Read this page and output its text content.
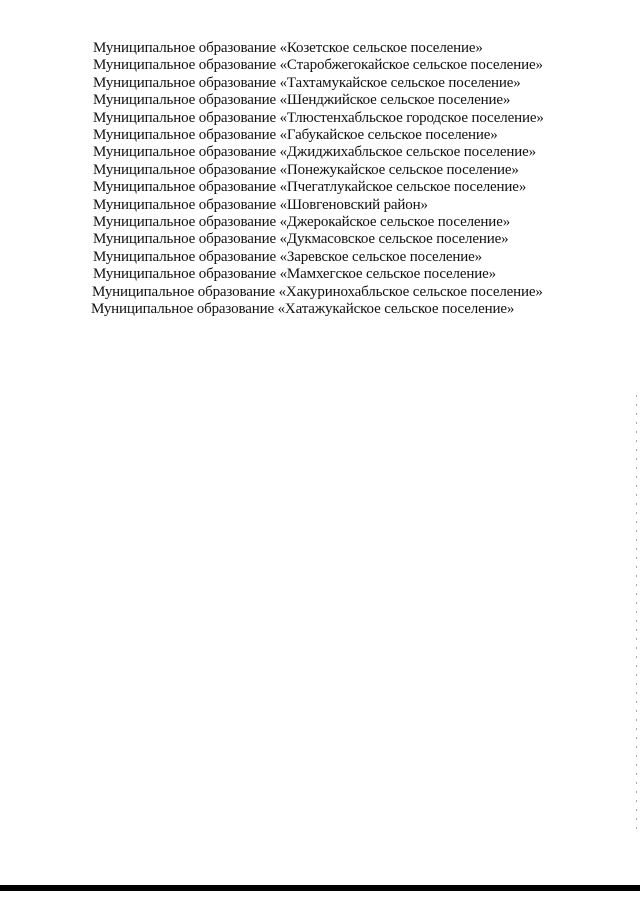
Муниципальное образование «Козетское сельское поселение»
Муниципальное образование «Старобжегокайское сельское поселение»
Муниципальное образование «Тахтамукайское сельское поселение»
Муниципальное образование «Шенджийское сельское поселение»
Муниципальное образование «Тлюстенхабльское городское поселение»
Муниципальное образование «Габукайское сельское поселение»
Муниципальное образование «Джиджихабльское сельское поселение»
Муниципальное образование «Понежукайское сельское поселение»
Муниципальное образование «Пчегатлукайское сельское поселение»
Муниципальное образование «Шовгеновский район»
Муниципальное образование «Джерокайское сельское поселение»
Муниципальное образование «Дукмасовское сельское поселение»
Муниципальное образование «Заревское сельское поселение»
Муниципальное образование «Мамхегское сельское поселение»
Муниципальное образование «Хакуринохабльское сельское поселение»
Муниципальное образование «Хатажукайское сельское поселение»
